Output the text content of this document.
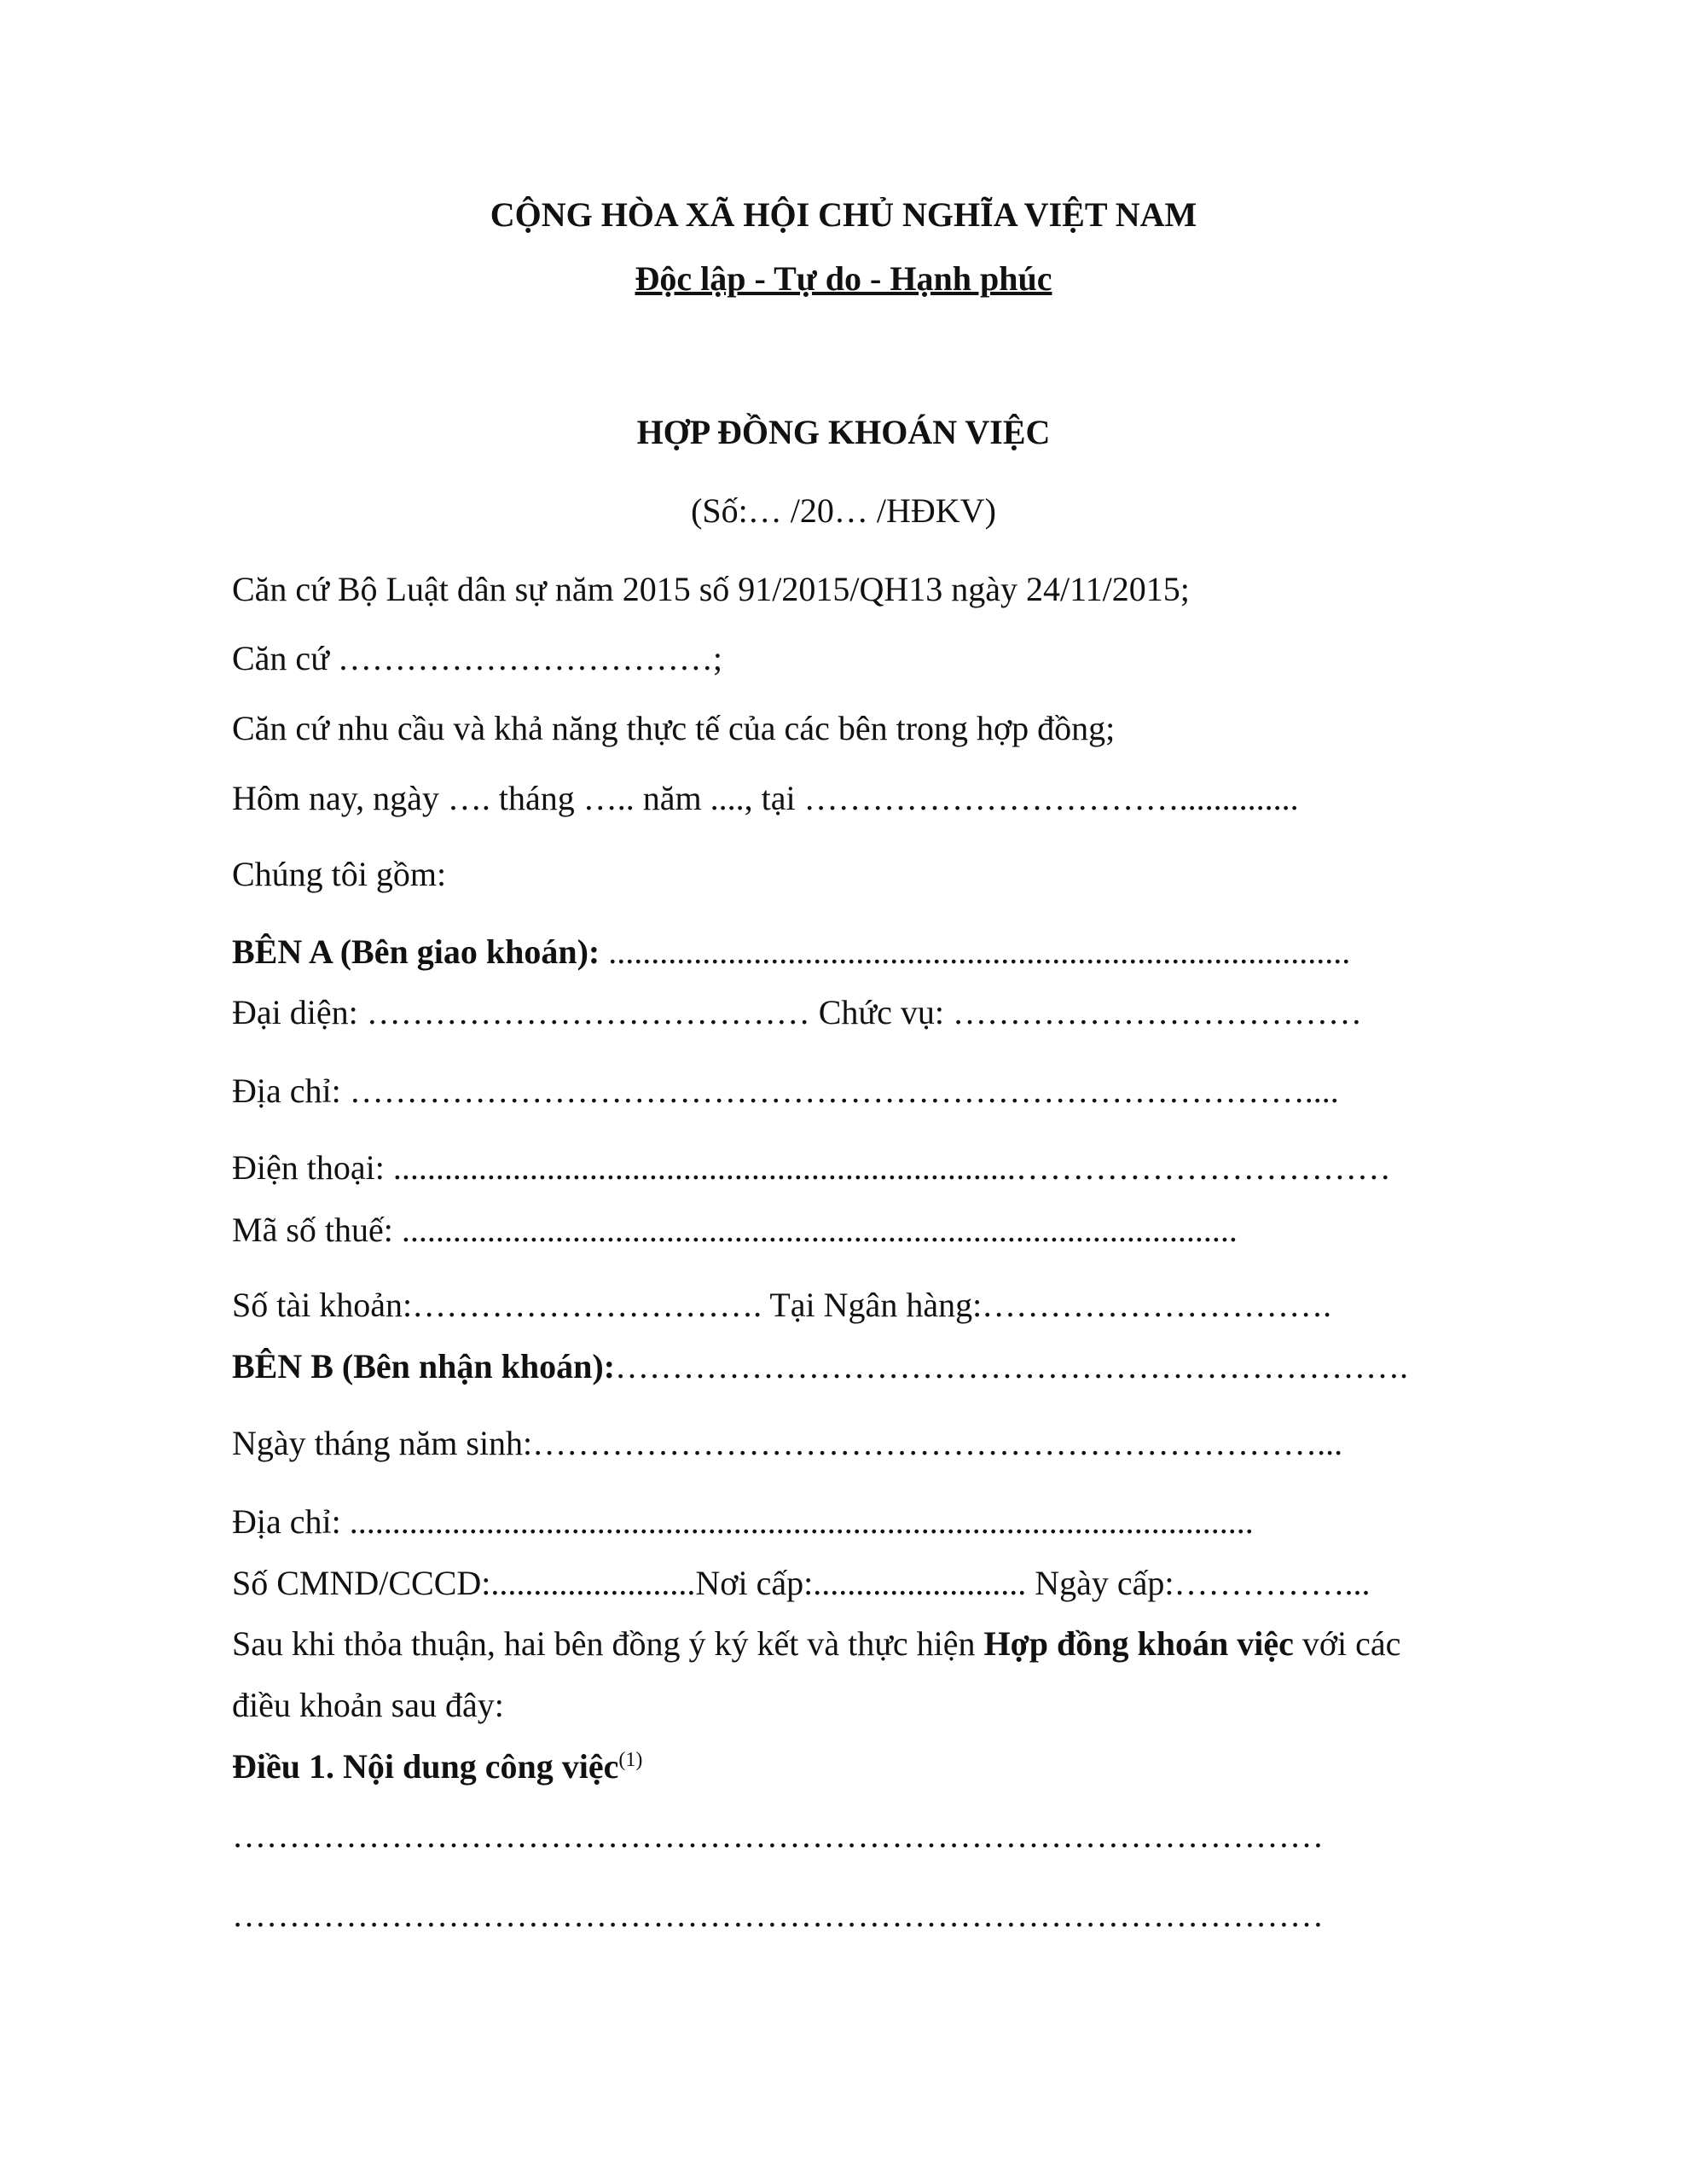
CỘNG HÒA XÃ HỘI CHỦ NGHĨA VIỆT NAM
Độc lập - Tự do - Hạnh phúc
HỢP ĐỒNG KHOÁN VIỆC
(Số:… /20… /HĐKV)
Căn cứ Bộ Luật dân sự năm 2015 số 91/2015/QH13 ngày 24/11/2015;
Căn cứ ……………………………;
Căn cứ nhu cầu và khả năng thực tế của các bên trong hợp đồng;
Hôm nay, ngày …. tháng ….. năm ...., tại ……………………………..............
Chúng tôi gồm:
BÊN A (Bên giao khoán): .......................................................................................
Đại diện: ………………………………… Chức vụ: ………………………………
Địa chỉ: …………………………………………………………………………....
Điện thoại: .........................................................................……………………………
Mã số thuế: ..................................................................................................
Số tài khoản:…………………………. Tại Ngân hàng:………………………….
BÊN B (Bên nhận khoán):…………………………………………………………….
Ngày tháng năm sinh:……………………………………………………………...
Địa chỉ: ..........................................................................................................
Số CMND/CCCD:........................Nơi cấp:......................... Ngày cấp:……………...
Sau khi thỏa thuận, hai bên đồng ý ký kết và thực hiện Hợp đồng khoán việc với các
điều khoản sau đây:
Điều 1. Nội dung công việc$^{(1)}$
……………………………………………………………………………………
……………………………………………………………………………………
